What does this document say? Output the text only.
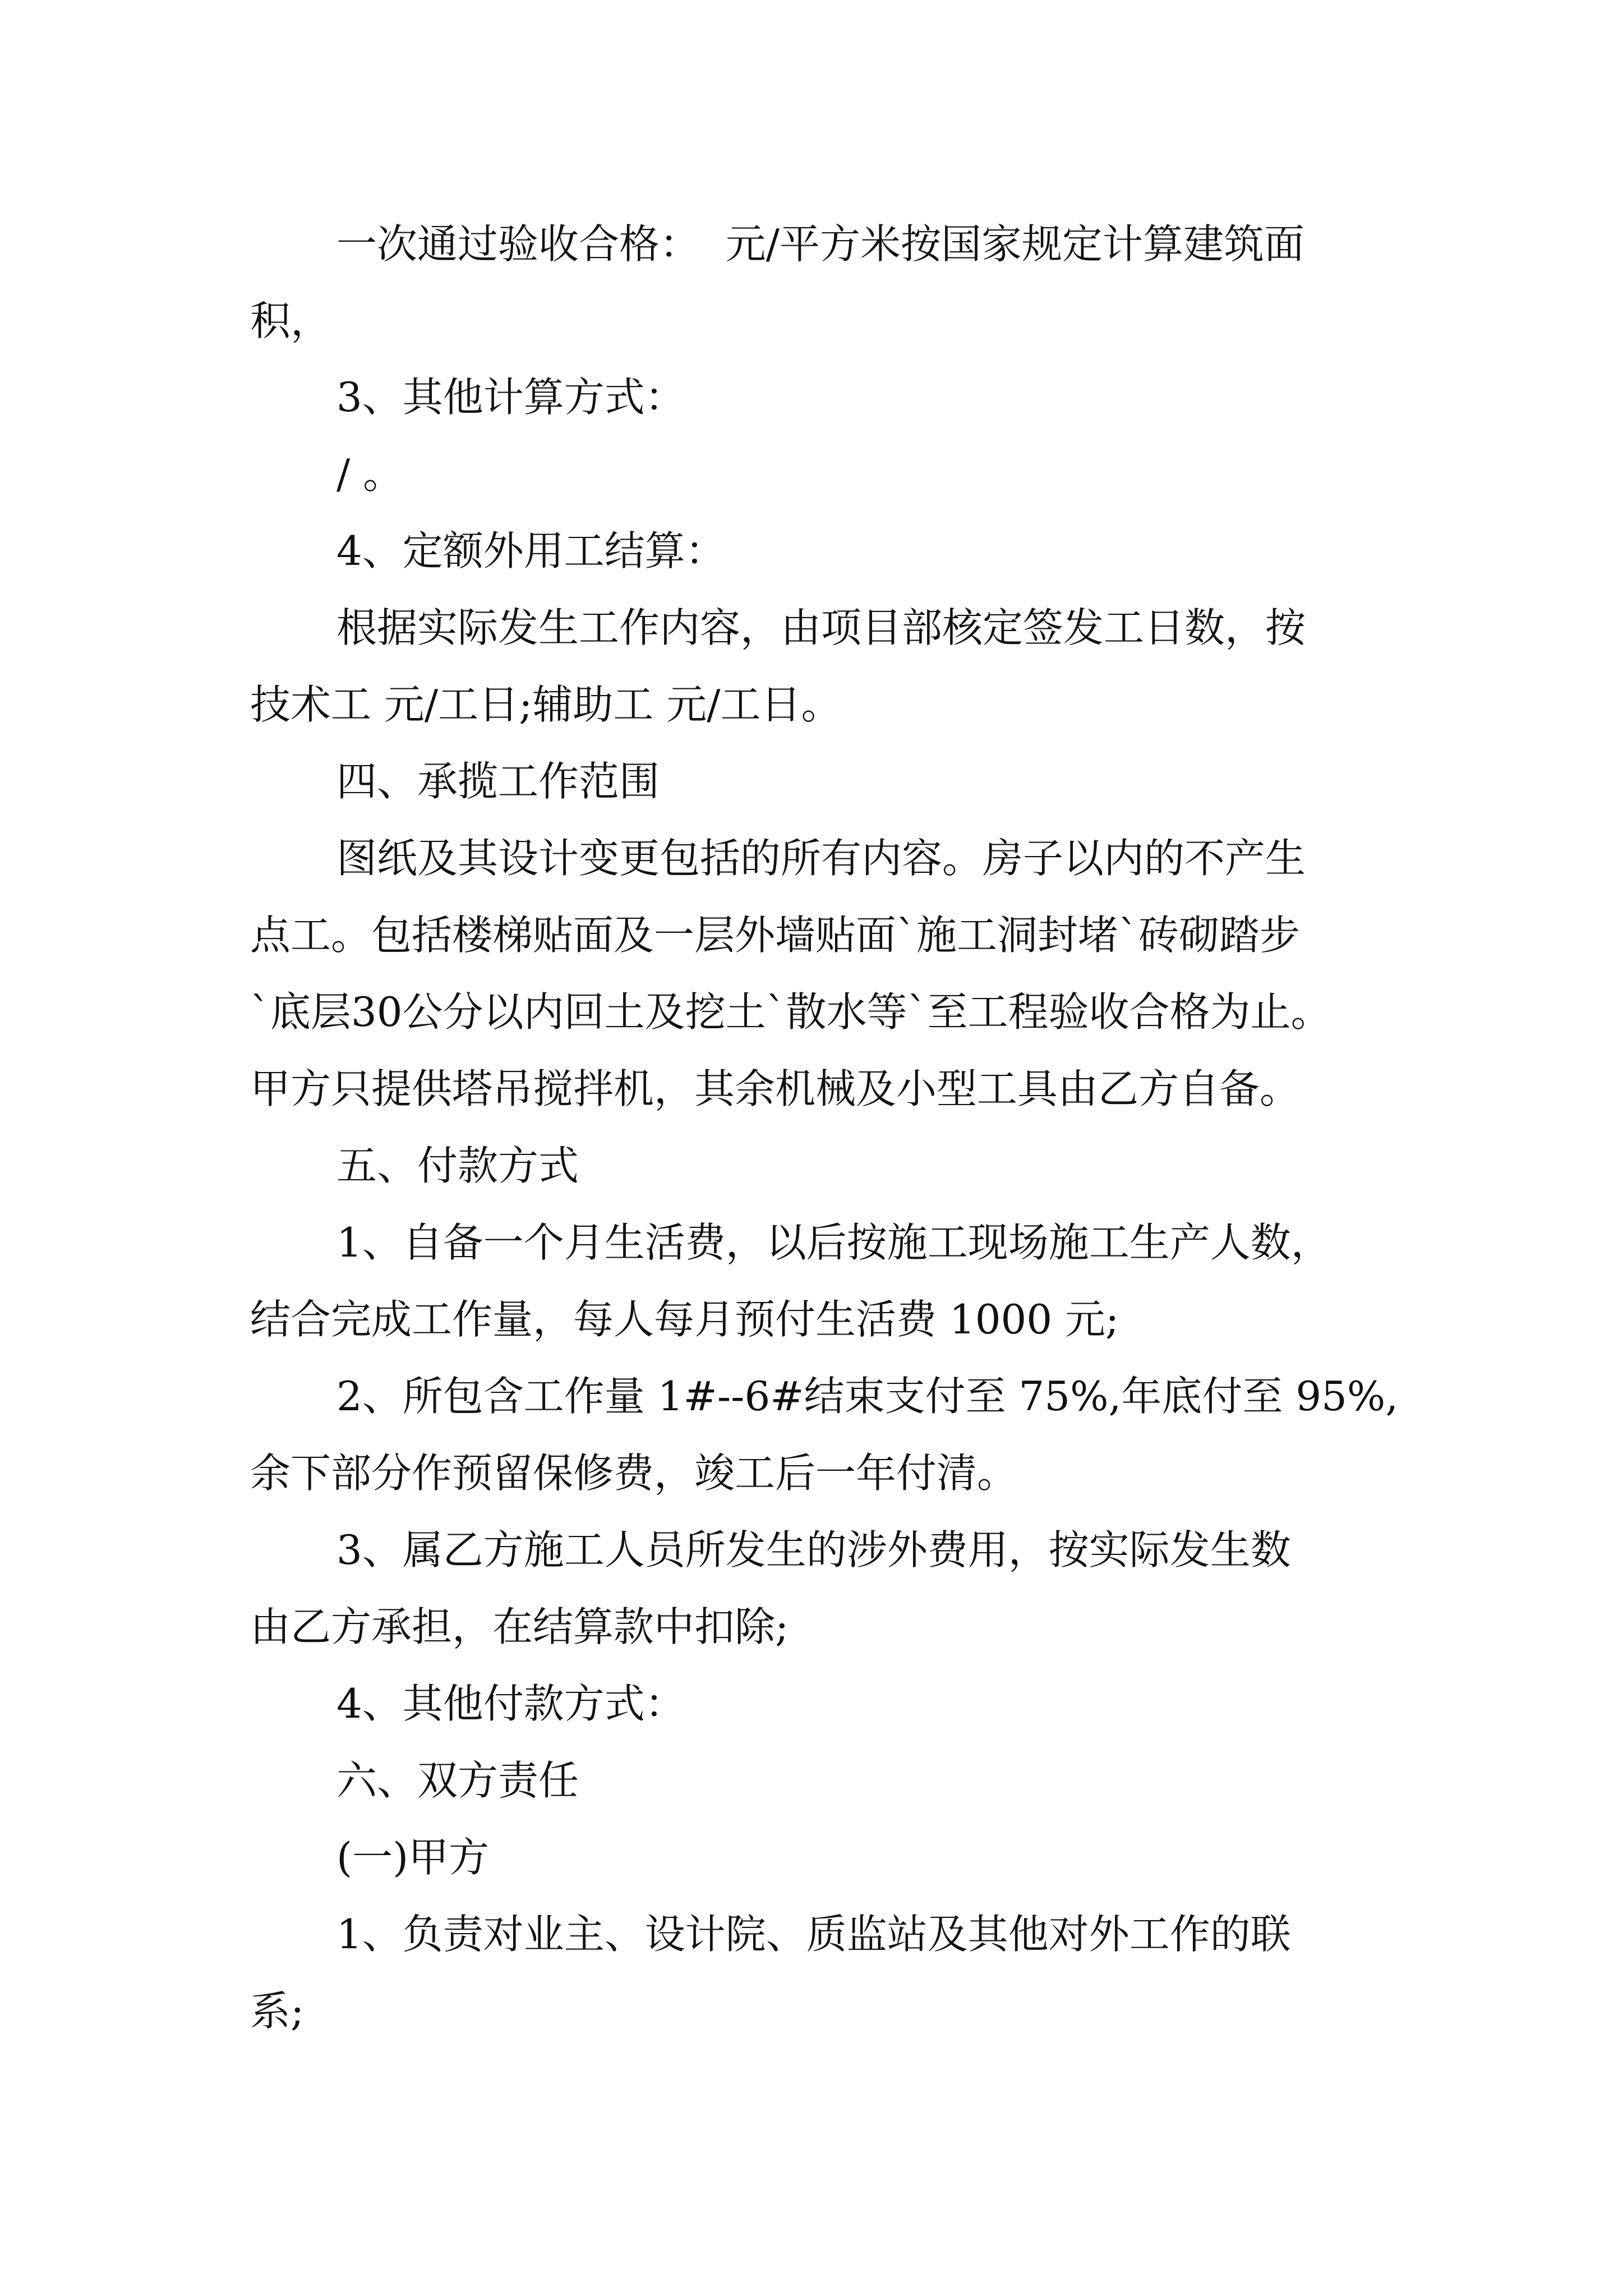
一次通过验收合格：  元/平方米按国家规定计算建筑面
积，
3、其他计算方式：
/ 。
4、定额外用工结算：
根据实际发生工作内容，由项目部核定签发工日数，按
技术工 元/工日;辅助工 元/工日。
四、承揽工作范围
图纸及其设计变更包括的所有内容。房子以内的不产生
点工。包括楼梯贴面及一层外墙贴面`施工洞封堵`砖砌踏步
`底层30公分以内回土及挖土`散水等`至工程验收合格为止。
甲方只提供塔吊搅拌机，其余机械及小型工具由乙方自备。
五、付款方式
1、自备一个月生活费，以后按施工现场施工生产人数，
结合完成工作量，每人每月预付生活费 1000 元;
2、所包含工作量 1#--6#结束支付至 75%,年底付至 95%,
余下部分作预留保修费，竣工后一年付清。
3、属乙方施工人员所发生的涉外费用，按实际发生数
由乙方承担，在结算款中扣除;
4、其他付款方式：
六、双方责任
(一)甲方
1、负责对业主、设计院、质监站及其他对外工作的联
系;
